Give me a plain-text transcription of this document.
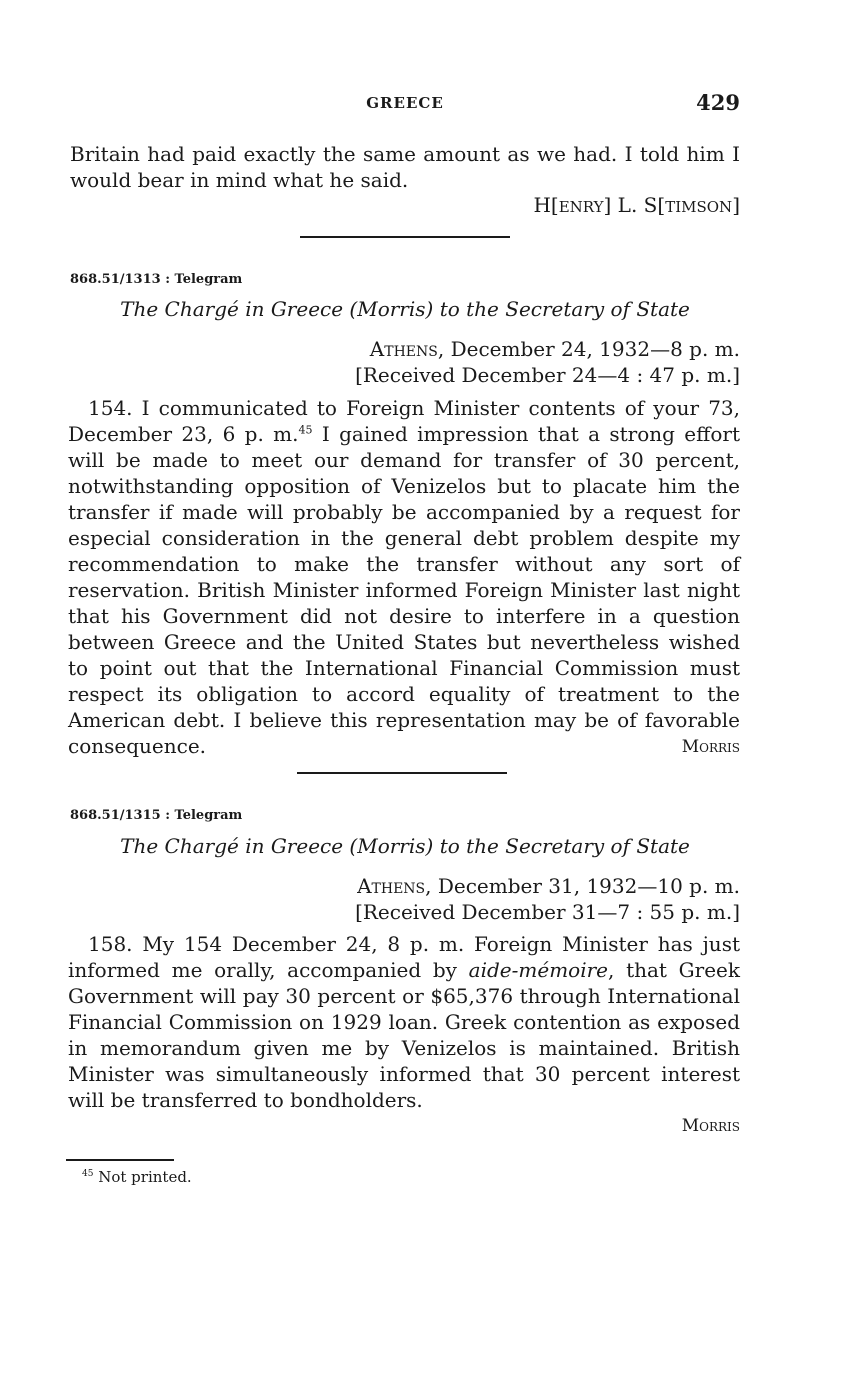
GREECE	429
Britain had paid exactly the same amount as we had. I told him I would bear in mind what he said.
H[ENRY] L. S[TIMSON]
868.51/1313 : Telegram
The Chargé in Greece (Morris) to the Secretary of State
Athens, December 24, 1932—8 p. m.
[Received December 24—4 : 47 p. m.]
154. I communicated to Foreign Minister contents of your 73, December 23, 6 p. m.$^{45}$ I gained impression that a strong effort will be made to meet our demand for transfer of 30 percent, notwithstanding opposition of Venizelos but to placate him the transfer if made will probably be accompanied by a request for especial consideration in the general debt problem despite my recommendation to make the transfer without any sort of reservation. British Minister informed Foreign Minister last night that his Government did not desire to interfere in a question between Greece and the United States but nevertheless wished to point out that the International Financial Commission must respect its obligation to accord equality of treatment to the American debt. I believe this representation may be of favorable consequence.	Morris
868.51/1315 : Telegram
The Chargé in Greece (Morris) to the Secretary of State
Athens, December 31, 1932—10 p. m.
[Received December 31—7 : 55 p. m.]
158. My 154 December 24, 8 p. m. Foreign Minister has just informed me orally, accompanied by aide-mémoire, that Greek Government will pay 30 percent or $65,376 through International Financial Commission on 1929 loan. Greek contention as exposed in memorandum given me by Venizelos is maintained. British Minister was simultaneously informed that 30 percent interest will be transferred to bondholders.
Morris
$^{45}$ Not printed.
